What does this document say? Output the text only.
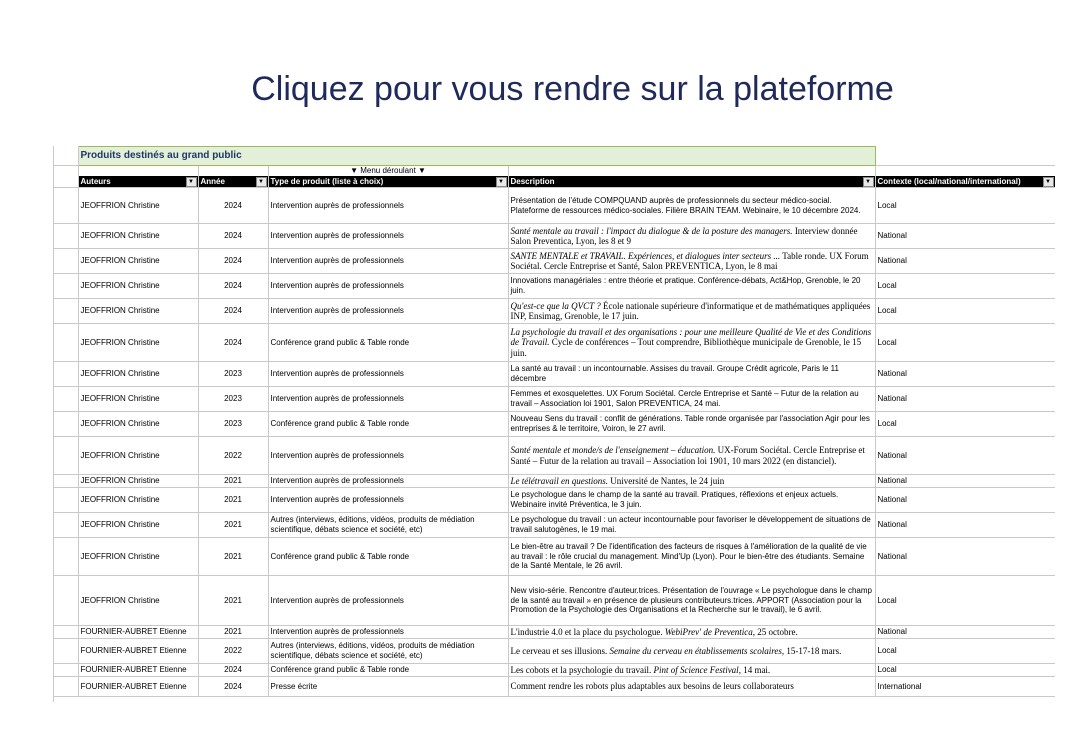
Cliquez pour vous rendre sur la plateforme
	Produits destinés au grand public				
			▼ Menu déroulant ▼		
	Auteurs ▼	Année ▼	Type de produit (liste à choix) ▼	Description ▼	Contexte (local/national/international) ▼

	JEOFFRION Christine	2024	Intervention auprès de professionnels	Présentation de l'étude COMPQUAND auprès de professionnels du secteur médico-social. Plateforme de ressources médico-sociales. Filière BRAIN TEAM. Webinaire, le 10 décembre 2024.	Local
	JEOFFRION Christine	2024	Intervention auprès de professionnels	Santé mentale au travail : l'impact du dialogue & de la posture des managers. Interview donnée Salon Preventica, Lyon, les 8 et 9	National
	JEOFFRION Christine	2024	Intervention auprès de professionnels	SANTE MENTALE et TRAVAIL. Expériences, et dialogues inter secteurs ... Table ronde. UX Forum Sociétal. Cercle Entreprise et Santé, Salon PREVENTICA, Lyon, le 8 mai	National
	JEOFFRION Christine	2024	Intervention auprès de professionnels	Innovations managériales : entre théorie et pratique. Conférence-débats, Act&Hop, Grenoble, le 20 juin.	Local
	JEOFFRION Christine	2024	Intervention auprès de professionnels	Qu'est-ce que la QVCT ? École nationale supérieure d'informatique et de mathématiques appliquées INP, Ensimag, Grenoble, le 17 juin.	Local
	JEOFFRION Christine	2024	Conférence grand public & Table ronde	La psychologie du travail et des organisations : pour une meilleure Qualité de Vie et des Conditions de Travail. Cycle de conférences – Tout comprendre, Bibliothèque municipale de Grenoble, le 15 juin.	Local
	JEOFFRION Christine	2023	Intervention auprès de professionnels	La santé au travail : un incontournable. Assises du travail. Groupe Crédit agricole, Paris le 11 décembre	National
	JEOFFRION Christine	2023	Intervention auprès de professionnels	Femmes et exosquelettes. UX Forum Sociétal. Cercle Entreprise et Santé – Futur de la relation au travail – Association loi 1901, Salon PREVENTICA, 24 mai.	National
	JEOFFRION Christine	2023	Conférence grand public & Table ronde	Nouveau Sens du travail : conflit de générations. Table ronde organisée par l'association Agir pour les entreprises & le territoire, Voiron, le 27 avril.	Local
	JEOFFRION Christine	2022	Intervention auprès de professionnels	Santé mentale et monde/s de l'enseignement – éducation. UX-Forum Sociétal. Cercle Entreprise et Santé – Futur de la relation au travail – Association loi 1901, 10 mars 2022 (en distanciel).	National
	JEOFFRION Christine	2021	Intervention auprès de professionnels	Le télétravail en questions. Université de Nantes, le 24 juin	National
	JEOFFRION Christine	2021	Intervention auprès de professionnels	Le psychologue dans le champ de la santé au travail. Pratiques, réflexions et enjeux actuels. Webinaire invité Préventica, le 3 juin.	National
	JEOFFRION Christine	2021	Autres (interviews, éditions, vidéos, produits de médiation scientifique, débats science et société, etc)	Le psychologue du travail : un acteur incontournable pour favoriser le développement de situations de travail salutogènes, le 19 mai.	National
	JEOFFRION Christine	2021	Conférence grand public & Table ronde	Le bien-être au travail ? De l'identification des facteurs de risques à l'amélioration de la qualité de vie au travail : le rôle crucial du management. Mind'Up (Lyon). Pour le bien-être des étudiants. Semaine de la Santé Mentale, le 26 avril.	National
	JEOFFRION Christine	2021	Intervention auprès de professionnels	New visio-série. Rencontre d'auteur.trices. Présentation de l'ouvrage « Le psychologue dans le champ de la santé au travail » en présence de plusieurs contributeurs.trices. APPORT (Association pour la Promotion de la Psychologie des Organisations et la Recherche sur le travail), le 6 avril.	Local
	FOURNIER-AUBRET Etienne	2021	Intervention auprès de professionnels	L'industrie 4.0 et la place du psychologue. WebiPrev' de Preventica, 25 octobre.	National
	FOURNIER-AUBRET Etienne	2022	Autres (interviews, éditions, vidéos, produits de médiation scientifique, débats science et société, etc)	Le cerveau et ses illusions. Semaine du cerveau en établissements scolaires, 15-17-18 mars.	Local
	FOURNIER-AUBRET Etienne	2024	Conférence grand public & Table ronde	Les cobots et la psychologie du travail. Pint of Science Festival, 14 mai.	Local
	FOURNIER-AUBRET Etienne	2024	Presse écrite	Comment rendre les robots plus adaptables aux besoins de leurs collaborateurs	International
